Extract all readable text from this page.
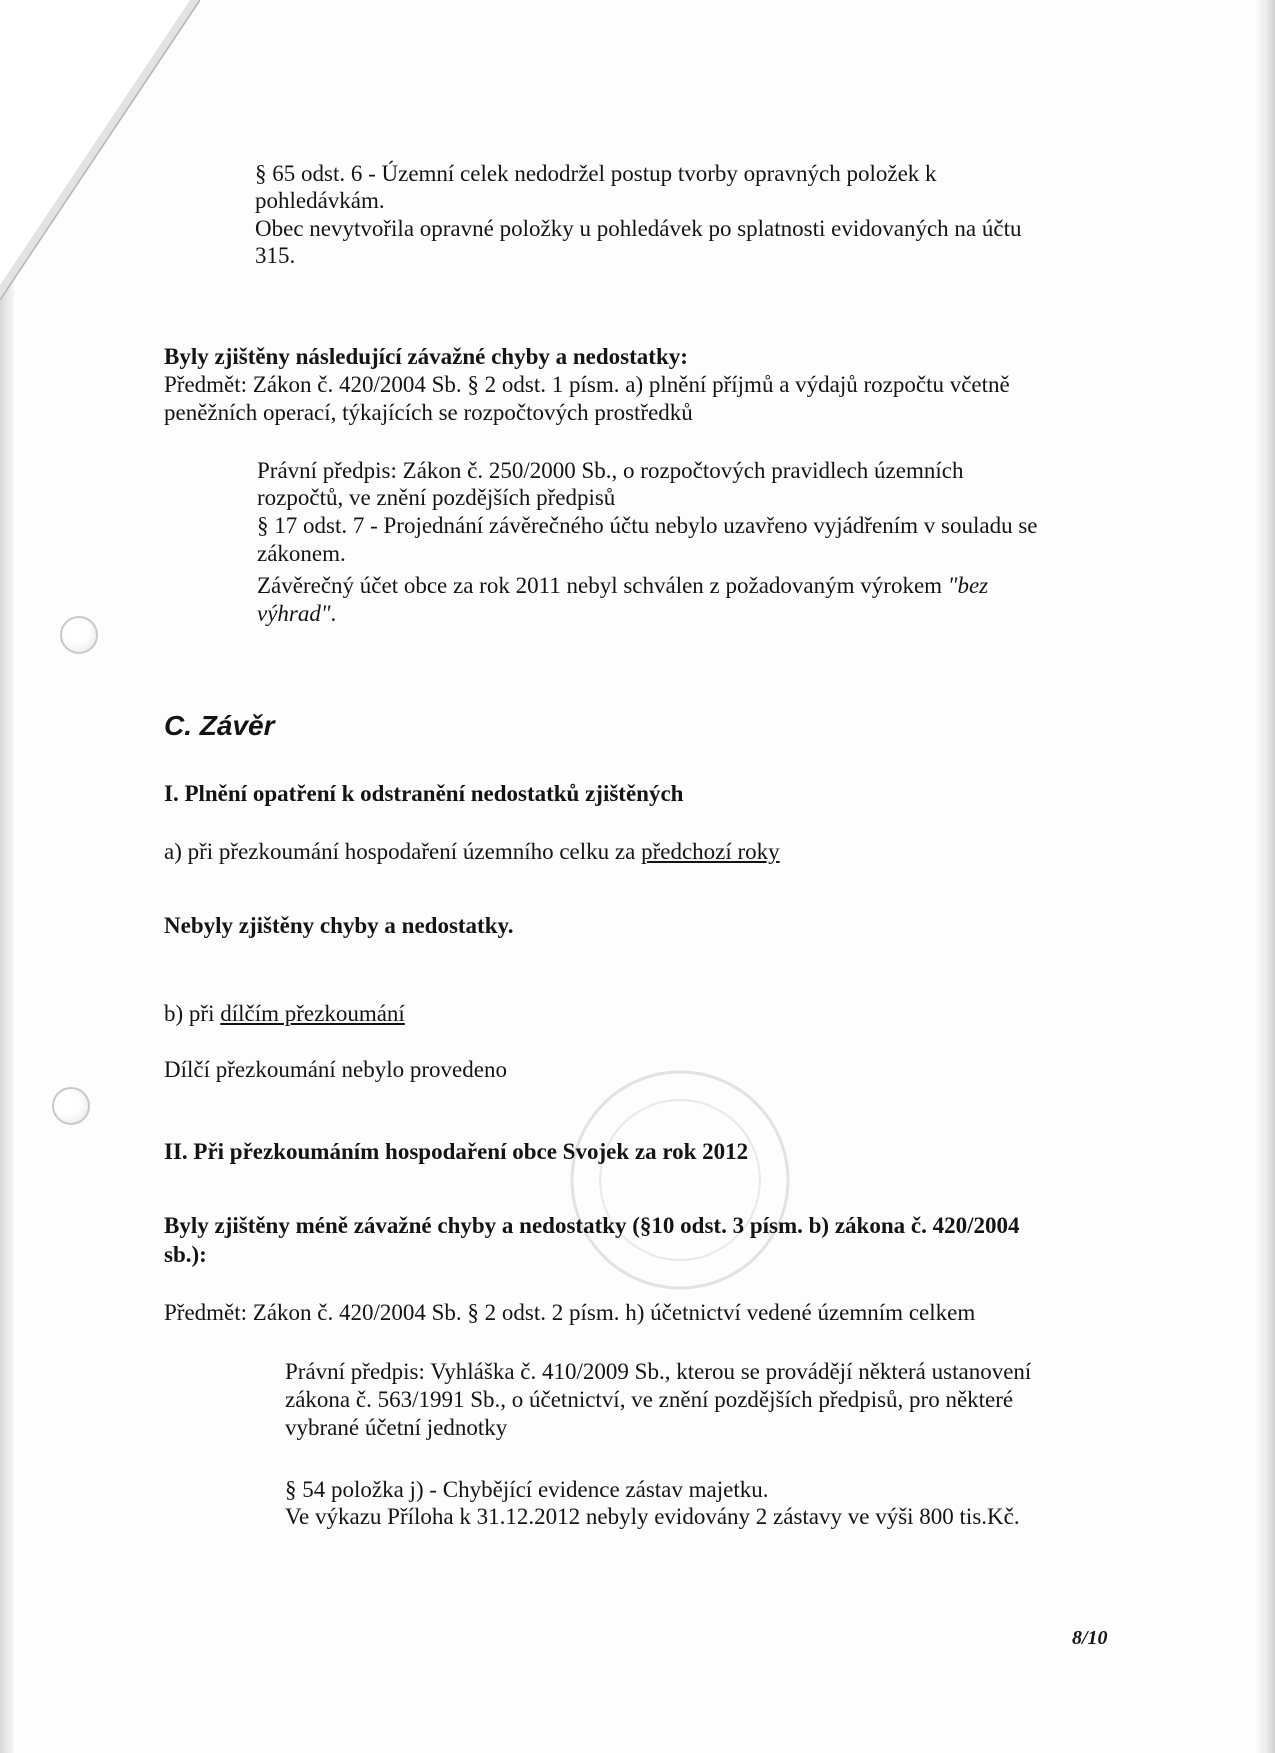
§ 65 odst. 6 - Územní celek nedodržel postup tvorby opravných položek k

pohledávkám.

Obec nevytvořila opravné položky u pohledávek po splatnosti evidovaných na účtu

315.

Byly zjištěny následující závažné chyby a nedostatky:

Předmět: Zákon č. 420/2004 Sb. § 2 odst. 1 písm. a) plnění příjmů a výdajů rozpočtu včetně

peněžních operací, týkajících se rozpočtových prostředků

Právní předpis: Zákon č. 250/2000 Sb., o rozpočtových pravidlech územních

rozpočtů, ve znění pozdějších předpisů

§ 17 odst. 7 - Projednání závěrečného účtu nebylo uzavřeno vyjádřením v souladu se

zákonem.

Závěrečný účet obce za rok 2011 nebyl schválen z požadovaným výrokem "bez

výhrad".

C. Závěr

I. Plnění opatření k odstranění nedostatků zjištěných

a) při přezkoumání hospodaření územního celku za předchozí roky

Nebyly zjištěny chyby a nedostatky.

b) při dílčím přezkoumání

Dílčí přezkoumání nebylo provedeno

II. Při přezkoumáním hospodaření obce Svojek za rok 2012

Byly zjištěny méně závažné chyby a nedostatky (§10 odst. 3 písm. b) zákona č. 420/2004

sb.):

Předmět: Zákon č. 420/2004 Sb. § 2 odst. 2 písm. h) účetnictví vedené územním celkem

Právní předpis: Vyhláška č. 410/2009 Sb., kterou se provádějí některá ustanovení

zákona č. 563/1991 Sb., o účetnictví, ve znění pozdějších předpisů, pro některé

vybrané účetní jednotky

§ 54 položka j) - Chybějící evidence zástav majetku.

Ve výkazu Příloha k 31.12.2012 nebyly evidovány 2 zástavy ve výši 800 tis.Kč.

8/10
